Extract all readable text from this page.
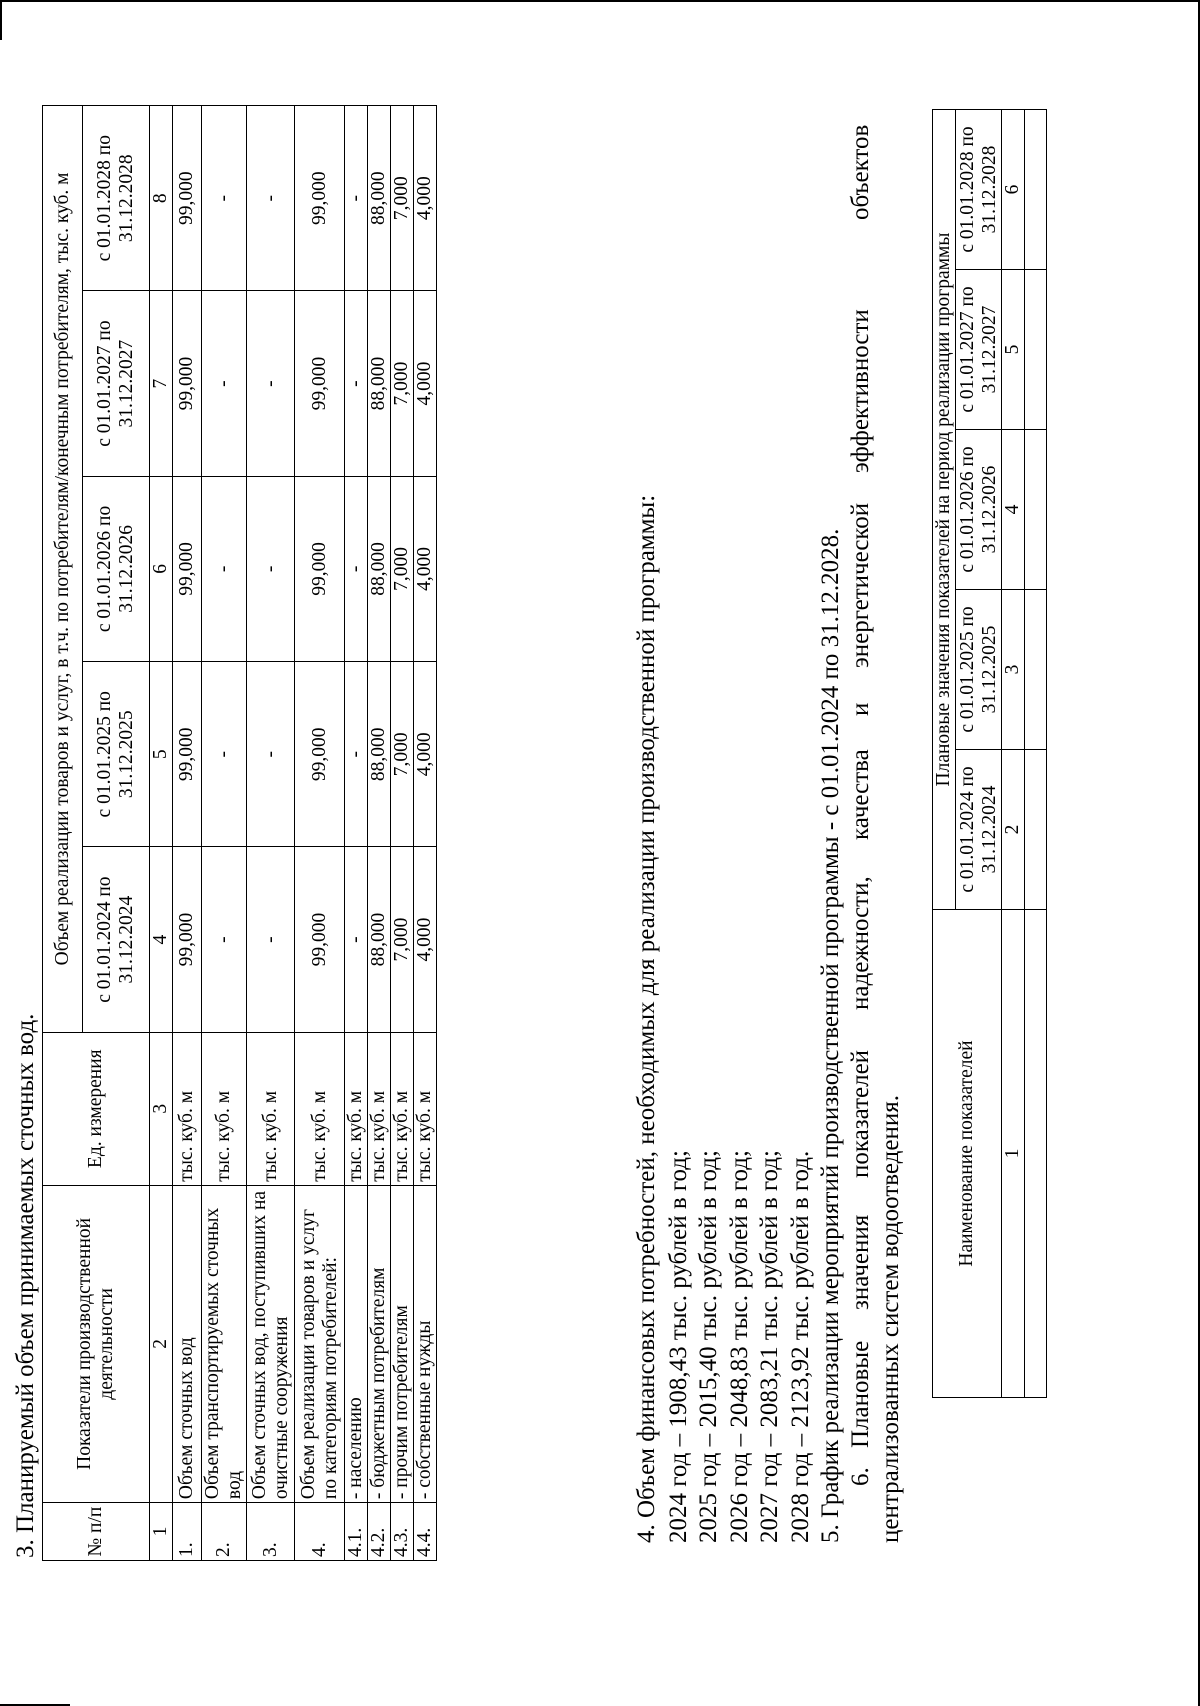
3. Планируемый объем принимаемых сточных вод. № п/п	Показатели производственной деятельности	Ед. измерения	Объем реализации товаров и услуг, в т.ч. по потребителям/конечным потребителям, тыс. куб. м				
			с 01.01.2024 по 31.12.2024	с 01.01.2025 по 31.12.2025	с 01.01.2026 по 31.12.2026	с 01.01.2027 по 31.12.2027	с 01.01.2028 по 31.12.2028
1	2	3	4	5	6	7	8
1.	Объем сточных вод	тыс. куб. м	99,000	99,000	99,000	99,000	99,000
2.	Объем транспортируемых сточных вод	тыс. куб. м	-	-	-	-	-
3.	Объем сточных вод, поступивших на очистные сооружения	тыс. куб. м	-	-	-	-	-
4.	Объем реализации товаров и услуг по категориям потребителей:	тыс. куб. м	99,000	99,000	99,000	99,000	99,000
4.1.	- населению	тыс. куб. м	-	-	-	-	-
4.2.	- бюджетным потребителям	тыс. куб. м	88,000	88,000	88,000	88,000	88,000
4.3.	- прочим потребителям	тыс. куб. м	7,000	7,000	7,000	7,000	7,000
4.4.	- собственные нужды	тыс. куб. м	4,000	4,000	4,000	4,000	4,000
4. Объем финансовых потребностей, необходимых для реализации производственной программы: 2024 год – 1908,43 тыс. рублей в год; 2025 год – 2015,40 тыс. рублей в год; 2026 год – 2048,83 тыс. рублей в год; 2027 год – 2083,21 тыс. рублей в год; 2028 год – 2123,92 тыс. рублей в год. 5. График реализации мероприятий производственной программы - с 01.01.2024 по 31.12.2028. 6.
Плановые
значения
показателей
надежности,
качества
и
энергетической
эффективности
объектов
централизованных систем водоотведения.	Наименование показателей	Плановые значения показателей на период реализации программы				
	с 01.01.2024 по 31.12.2024	с 01.01.2025 по 31.12.2025	с 01.01.2026 по 31.12.2026	с 01.01.2027 по 31.12.2027	с 01.01.2028 по 31.12.2028
1	2	3	4	5	6
